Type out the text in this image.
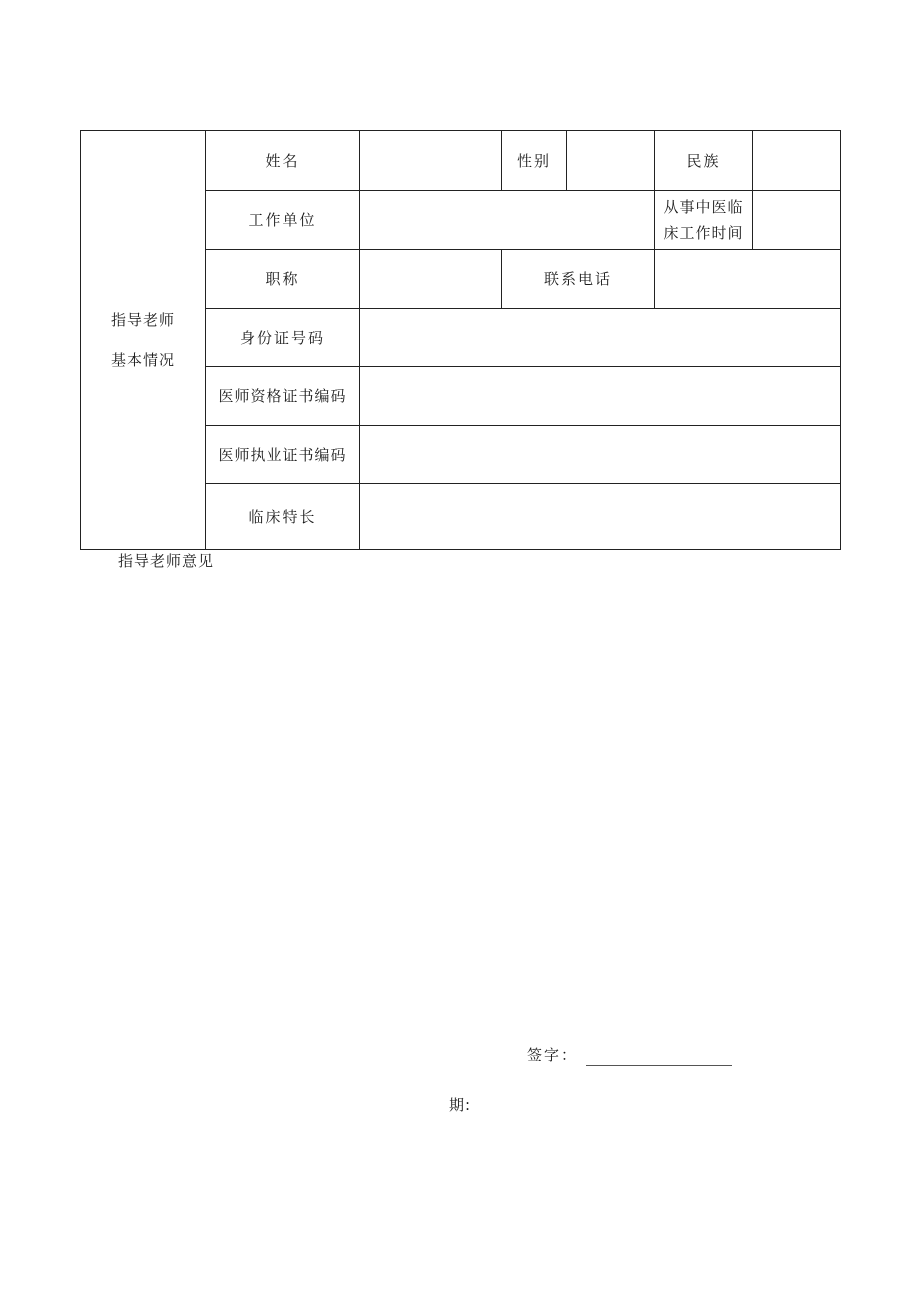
指导老师
基本情况	姓名		性别		民族	
	工作单位				从事中医临
床工作时间	

	职称		联系电话			
	身份证号码					
	医师资格证书编码					
	医师执业证书编码					
	临床特长					
指导老师意见
签字：
期:
